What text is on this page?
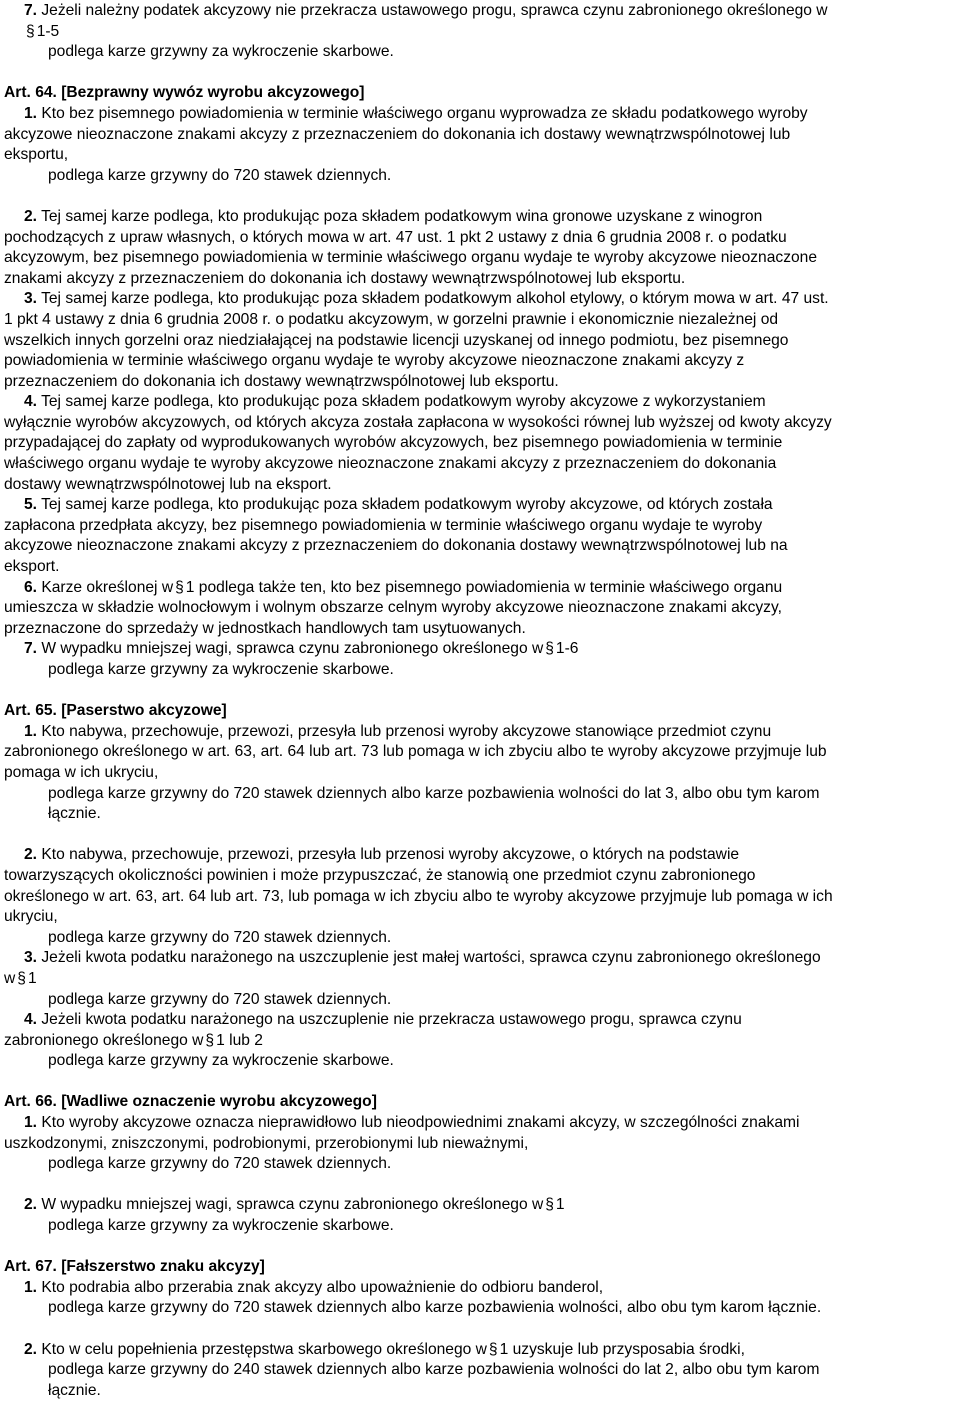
7. Jeżeli należny podatek akcyzowy nie przekracza ustawowego progu, sprawca czynu zabronionego określonego w
§ 1-5
podlega karze grzywny za wykroczenie skarbowe.
Art. 64. [Bezprawny wywóz wyrobu akcyzowego]
1. Kto bez pisemnego powiadomienia w terminie właściwego organu wyprowadza ze składu podatkowego wyroby
akcyzowe nieoznaczone znakami akcyzy z przeznaczeniem do dokonania ich dostawy wewnątrzwspólnotowej lub
eksportu,
podlega karze grzywny do 720 stawek dziennych.
2. Tej samej karze podlega, kto produkując poza składem podatkowym wina gronowe uzyskane z winogron
pochodzących z upraw własnych, o których mowa w art. 47 ust. 1 pkt 2 ustawy z dnia 6 grudnia 2008 r. o podatku
akcyzowym, bez pisemnego powiadomienia w terminie właściwego organu wydaje te wyroby akcyzowe nieoznaczone
znakami akcyzy z przeznaczeniem do dokonania ich dostawy wewnątrzwspólnotowej lub eksportu.
3. Tej samej karze podlega, kto produkując poza składem podatkowym alkohol etylowy, o którym mowa w art. 47 ust.
1 pkt 4 ustawy z dnia 6 grudnia 2008 r. o podatku akcyzowym, w gorzelni prawnie i ekonomicznie niezależnej od
wszelkich innych gorzelni oraz niedziałającej na podstawie licencji uzyskanej od innego podmiotu, bez pisemnego
powiadomienia w terminie właściwego organu wydaje te wyroby akcyzowe nieoznaczone znakami akcyzy z
przeznaczeniem do dokonania ich dostawy wewnątrzwspólnotowej lub eksportu.
4. Tej samej karze podlega, kto produkując poza składem podatkowym wyroby akcyzowe z wykorzystaniem
wyłącznie wyrobów akcyzowych, od których akcyza została zapłacona w wysokości równej lub wyższej od kwoty akcyzy
przypadającej do zapłaty od wyprodukowanych wyrobów akcyzowych, bez pisemnego powiadomienia w terminie
właściwego organu wydaje te wyroby akcyzowe nieoznaczone znakami akcyzy z przeznaczeniem do dokonania
dostawy wewnątrzwspólnotowej lub na eksport.
5. Tej samej karze podlega, kto produkując poza składem podatkowym wyroby akcyzowe, od których została
zapłacona przedpłata akcyzy, bez pisemnego powiadomienia w terminie właściwego organu wydaje te wyroby
akcyzowe nieoznaczone znakami akcyzy z przeznaczeniem do dokonania dostawy wewnątrzwspólnotowej lub na
eksport.
6. Karze określonej w § 1 podlega także ten, kto bez pisemnego powiadomienia w terminie właściwego organu
umieszcza w składzie wolnocłowym i wolnym obszarze celnym wyroby akcyzowe nieoznaczone znakami akcyzy,
przeznaczone do sprzedaży w jednostkach handlowych tam usytuowanych.
7. W wypadku mniejszej wagi, sprawca czynu zabronionego określonego w § 1-6
podlega karze grzywny za wykroczenie skarbowe.
Art. 65. [Paserstwo akcyzowe]
1. Kto nabywa, przechowuje, przewozi, przesyła lub przenosi wyroby akcyzowe stanowiące przedmiot czynu
zabronionego określonego w art. 63, art. 64 lub art. 73 lub pomaga w ich zbyciu albo te wyroby akcyzowe przyjmuje lub
pomaga w ich ukryciu,
podlega karze grzywny do 720 stawek dziennych albo karze pozbawienia wolności do lat 3, albo obu tym karom
łącznie.
2. Kto nabywa, przechowuje, przewozi, przesyła lub przenosi wyroby akcyzowe, o których na podstawie
towarzyszących okoliczności powinien i może przypuszczać, że stanowią one przedmiot czynu zabronionego
określonego w art. 63, art. 64 lub art. 73, lub pomaga w ich zbyciu albo te wyroby akcyzowe przyjmuje lub pomaga w ich
ukryciu,
podlega karze grzywny do 720 stawek dziennych.
3. Jeżeli kwota podatku narażonego na uszczuplenie jest małej wartości, sprawca czynu zabronionego określonego
w § 1
podlega karze grzywny do 720 stawek dziennych.
4. Jeżeli kwota podatku narażonego na uszczuplenie nie przekracza ustawowego progu, sprawca czynu
zabronionego określonego w § 1 lub 2
podlega karze grzywny za wykroczenie skarbowe.
Art. 66. [Wadliwe oznaczenie wyrobu akcyzowego]
1. Kto wyroby akcyzowe oznacza nieprawidłowo lub nieodpowiednimi znakami akcyzy, w szczególności znakami
uszkodzonymi, zniszczonymi, podrobionymi, przerobionymi lub nieważnymi,
podlega karze grzywny do 720 stawek dziennych.
2. W wypadku mniejszej wagi, sprawca czynu zabronionego określonego w § 1
podlega karze grzywny za wykroczenie skarbowe.
Art. 67. [Fałszerstwo znaku akcyzy]
1. Kto podrabia albo przerabia znak akcyzy albo upoważnienie do odbioru banderol,
podlega karze grzywny do 720 stawek dziennych albo karze pozbawienia wolności, albo obu tym karom łącznie.
2. Kto w celu popełnienia przestępstwa skarbowego określonego w § 1 uzyskuje lub przysposabia środki,
podlega karze grzywny do 240 stawek dziennych albo karze pozbawienia wolności do lat 2, albo obu tym karom
łącznie.
